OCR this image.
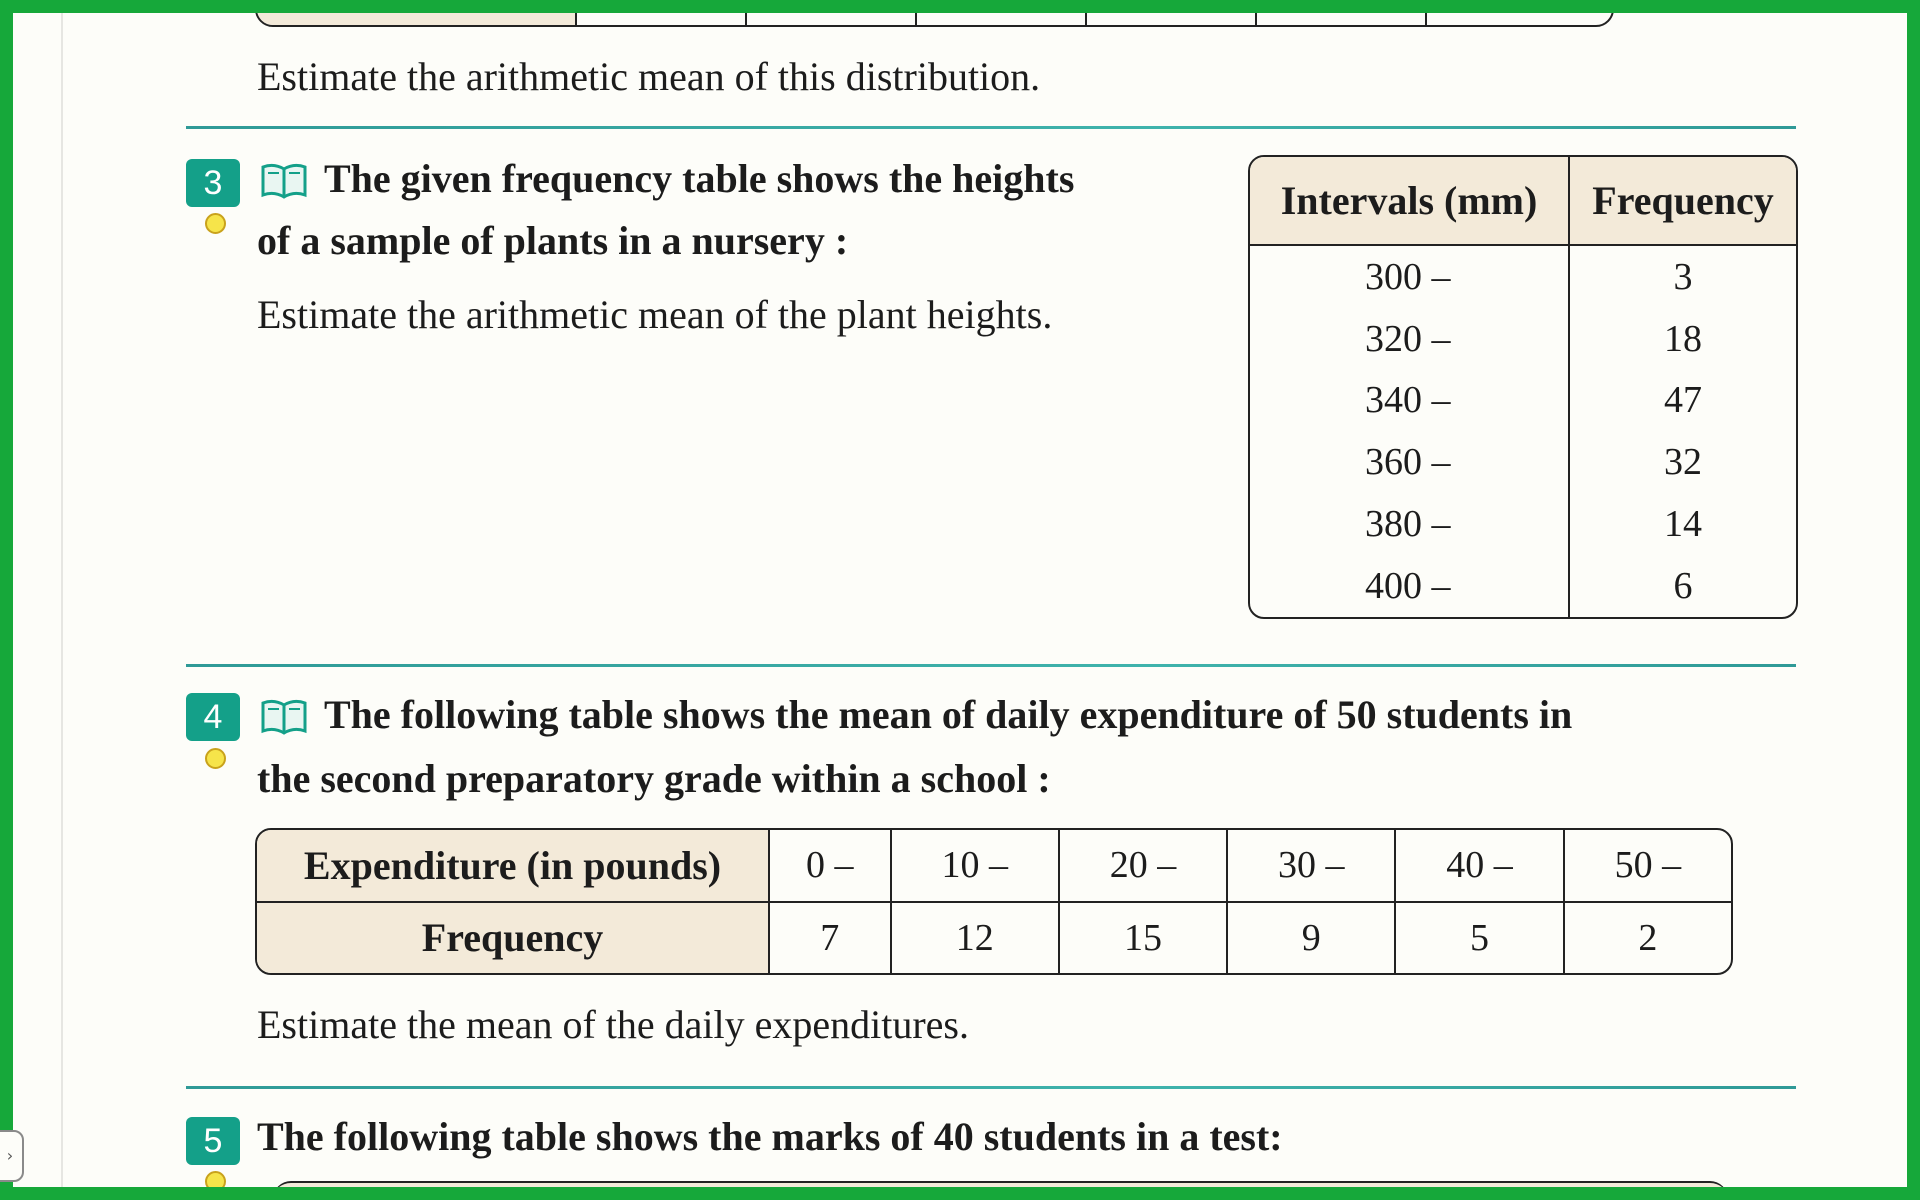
Estimate the arithmetic mean of this distribution.
3	The given frequency table shows the heights
of a sample of plants in a nursery :
Estimate the arithmetic mean of the plant heights.
Intervals (mm)	Frequency
300 –	3
320 –	18
340 –	47
360 –	32
380 –	14
400 –	6
4	The following table shows the mean of daily expenditure of 50 students in
the second preparatory grade within a school :
Expenditure (in pounds)	0 –	10 –	20 –	30 –	40 –	50 –
Frequency	7	12	15	9	5	2
Estimate the mean of the daily expenditures.
5 The following table shows the marks of 40 students in a test:
›
